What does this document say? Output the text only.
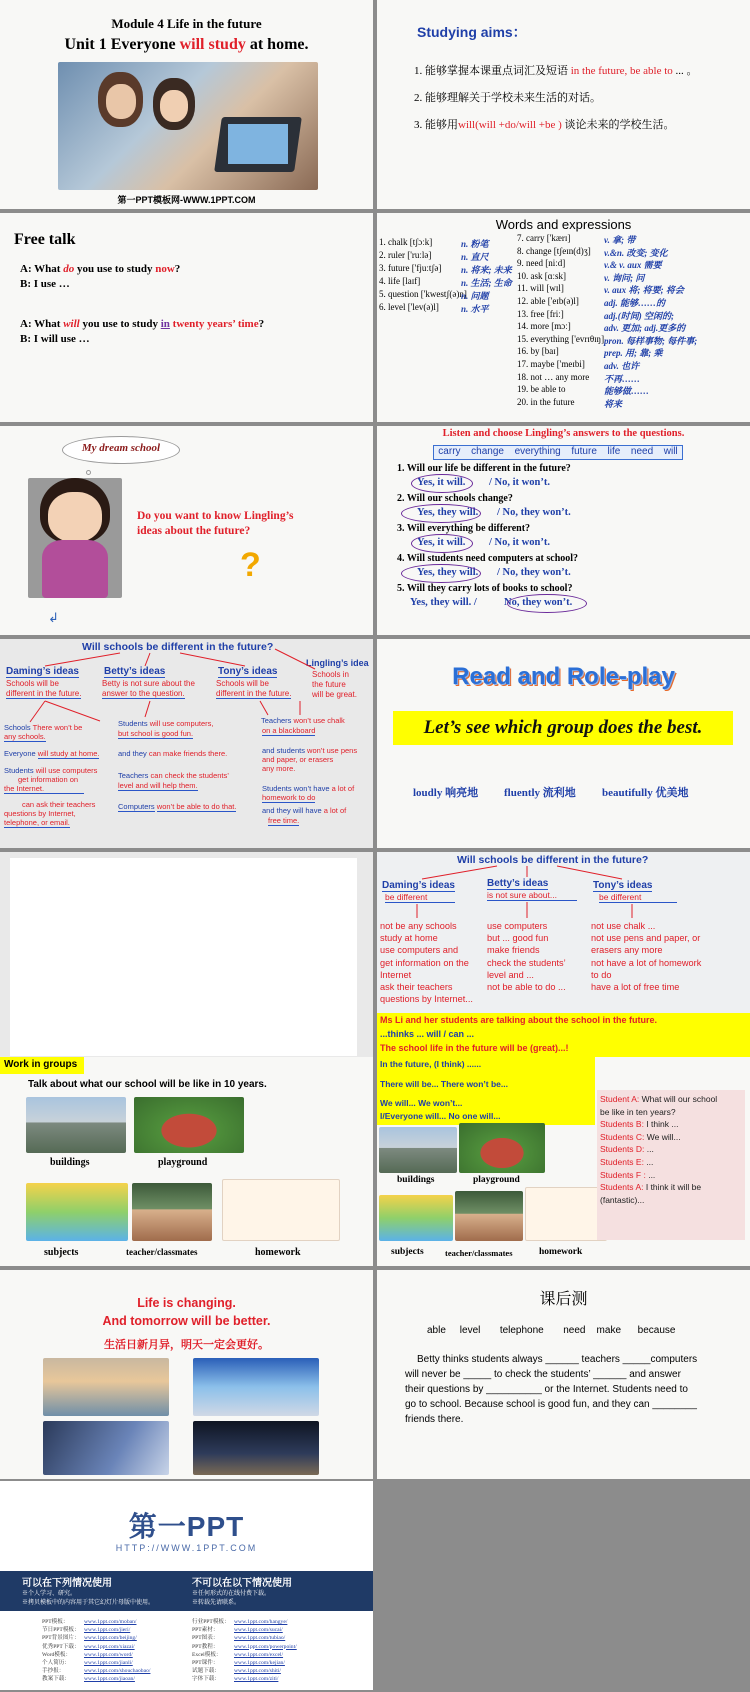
Module 4 Life in the future
Unit 1 Everyone will study at home.
第一PPT模板网-WWW.1PPT.COM
Studying aims：
1. 能够掌握本课重点词汇及短语 in the future, be able to ... 。
2. 能够理解关于学校未来生活的对话。
3. 能够用will(will +do/will +be ) 谈论未来的学校生活。
Free talk
A: What do you use to study now?
B: I use …
A: What will you use to study in twenty years’ time?
B: I will use …
Words and expressions
1. chalk [tʃɔːk]	n. 粉笔
2. ruler ['ruːlə]	n. 直尺
3. future ['fjuːtʃə] n. 将来; 未来
4. life [laɪf]	n. 生活; 生命
5. question ['kwestʃ(ə)n]
n. 问题
6. level ['lev(ə)l] n. 水平
7. carry ['kærɪ]	v. 拿; 带
8. change [tʃeɪn(d)ʒ] v.&n. 改变; 变化
9. need [niːd]	v.& v. aux 需要
10. ask [ɑːsk]	v. 询问; 问
11. will [wɪl]	v. aux 将; 将要; 将会
12. able ['eɪb(ə)l]	adj. 能够……的
13. free [friː]	adj.(时间) 空闲的;
14. more [mɔː]	adv. 更加; adj.更多的
15. everything ['evrɪθɪŋ] pron. 每样事物; 每件事;
16. by [baɪ]	prep. 用; 靠; 乘
17. maybe ['meɪbi] adv. 也许
18. not … any more 不再……
19. be able to	能够做……
20. in the future	将来
My dream school
Do you want to know Lingling’s
ideas about the future?
?
↲
Listen and choose Lingling’s answers to the questions.
carry change everything future life need will
1. Will our life be different in the future?
Yes, it will. / No, it won’t.
2. Will our schools change?
Yes, they will. / No, they won’t.
3. Will everything be different?
Yes, it will. / No, it won’t.
4. Will students need computers at school?
Yes, they will. / No, they won’t.
5. Will they carry lots of books to school?
Yes, they will. /	No, they won’t.
Will schools be different in the future?
Daming’s ideas	Betty’s ideas	Tony’s ideas
Lingling’s idea
Schools will be
different in the future.
Betty is not sure about the
answer to the question.
Schools will be
different in the future.
Schools in
the future
will be great.
Schools There won’t be
any schools.
Everyone will study at home.
Students will use computers
get information on
the Internet.
can ask their teachers
questions by Internet,
telephone, or email.
Students will use computers,
but school is good fun.
and they can make friends there.
Teachers can check the students’
level and will help them.
Computers won’t be able to do that.
Teachers won’t use chalk
on a blackboard
and students won’t use pens
and paper, or erasers
any more.
Students won’t have a lot of
homework to do
and they will have a lot of
free time.
Read and Role-play
Let’s see which group does the best.
loudly 响亮地 fluently 流利地 beautifully 优美地
Will schools be different in the future?
Daming’s ideas	Betty’s ideas	Tony’s ideas
be different	is not sure about...	be different
not be any schools
study at home
use computers and
get information on the
Internet
ask their teachers
questions by Internet...
use computers
but ... good fun
make friends
check the students’
level and ...
not be able to do ...
not use chalk ...
not use pens and paper, or
erasers any more
not have a lot of homework
to do
have a lot of free time
Ms Li and her students are talking about the school in the future.
...thinks ... will / can ...
The school life in the future will be (great)...!
Work in groups
Talk about what our school will be like in 10 years.
buildings	playground
subjects	teacher/classmates	homework
In the future, (I think) ......
There will be... There won’t be...
We will... We won’t...
I/Everyone will... No one will...
buildings	playground
subjects	teacher/classmates	homework
Student A: What will our school
be like in ten years?
Students B: I think ...
Students C: We will...
Students D: ...
Students E: ...
Students F : ...
Students A: I think it will be
(fantastic)...
Life is changing.
And tomorrow will be better.
生活日新月异，明天一定会更好。
课后测
able     level       telephone       need    make      because
Betty thinks students always ______ teachers _____computers
will never be _____ to check the students’ ______ and answer
their questions by __________ or the Internet. Students need to
go to school. Because school is good fun, and they can ________
friends there.
第一PPT
HTTP://WWW.1PPT.COM
可以在下列情况使用
※个人学习、研究。
※拷贝模板中的内容用于其它幻灯片母版中使用。
不可以在以下情况使用
※任何形式的在线付费下载。
※转载先请联系。
PPT模板：	www.1ppt.com/moban/
节日PPT模板： www.1ppt.com/jieri/
PPT背景图片： www.1ppt.com/beijing/
优秀PPT下载： www.1ppt.com/xiazai/
Word模板： www.1ppt.com/word/
个人简历：	www.1ppt.com/jianli/
手抄报：	www.1ppt.com/shouchaobao/
教案下载：	www.1ppt.com/jiaoan/
行业PPT模板： www.1ppt.com/hangye/
PPT素材：	www.1ppt.com/sucai/
PPT图表：	www.1ppt.com/tubiao/
PPT教程：	www.1ppt.com/powerpoint/
Excel模板： www.1ppt.com/excel/
PPT课件：	www.1ppt.com/kejian/
试题下载：	www.1ppt.com/shiti/
字体下载：	www.1ppt.com/ziti/
